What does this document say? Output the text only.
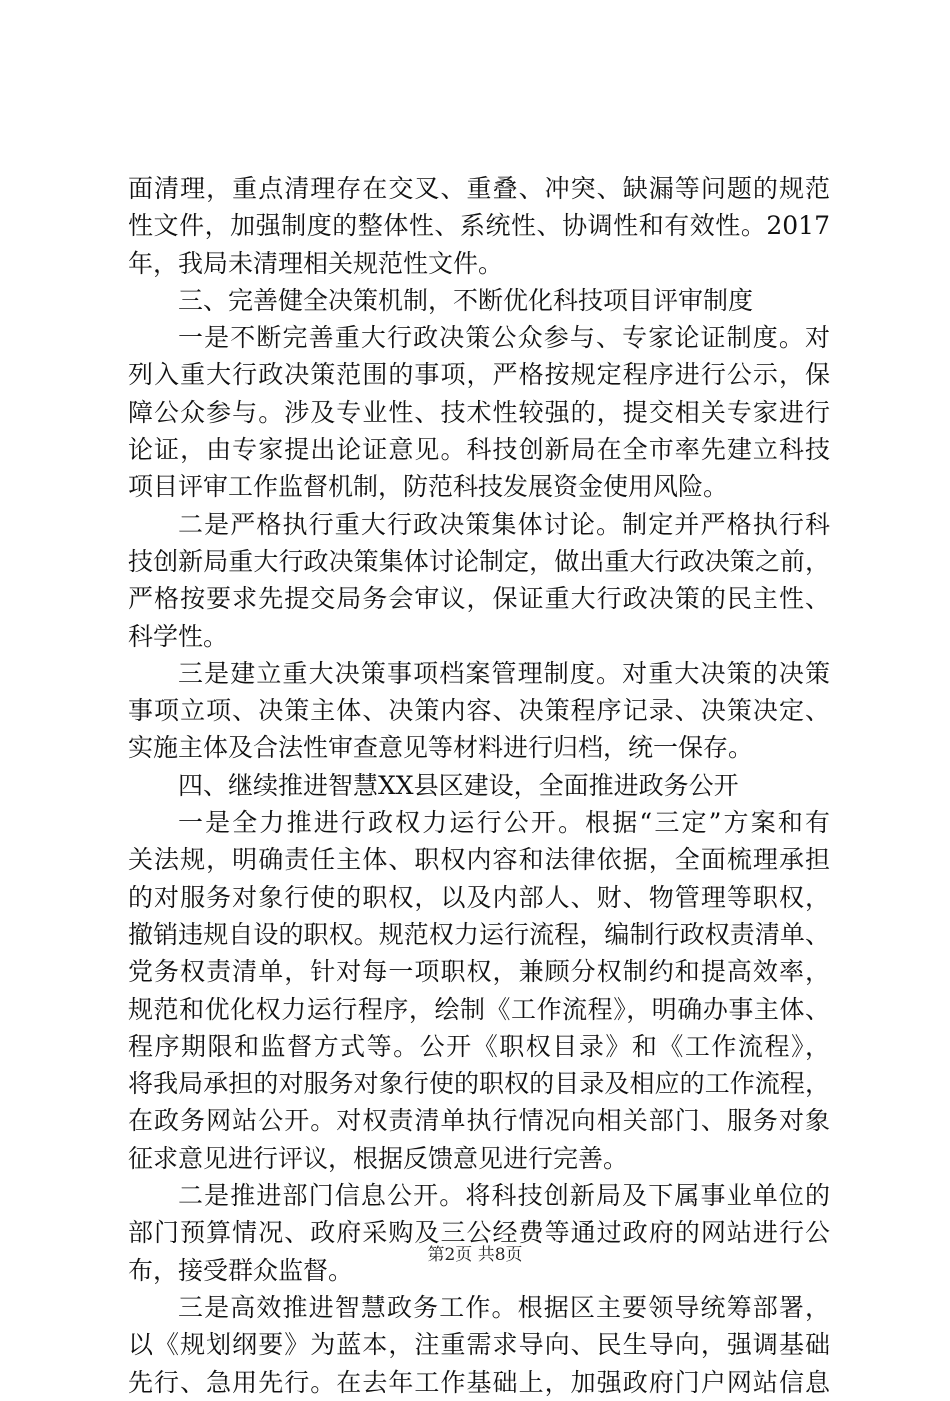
面清理，重点清理存在交叉、重叠、冲突、缺漏等问题的规范
性文件，加强制度的整体性、系统性、协调性和有效性。2017
年，我局未清理相关规范性文件。
三、完善健全决策机制，不断优化科技项目评审制度
一是不断完善重大行政决策公众参与、专家论证制度。对
列入重大行政决策范围的事项，严格按规定程序进行公示，保
障公众参与。涉及专业性、技术性较强的，提交相关专家进行
论证，由专家提出论证意见。科技创新局在全市率先建立科技
项目评审工作监督机制，防范科技发展资金使用风险。
二是严格执行重大行政决策集体讨论。制定并严格执行科
技创新局重大行政决策集体讨论制定，做出重大行政决策之前，
严格按要求先提交局务会审议，保证重大行政决策的民主性、
科学性。
三是建立重大决策事项档案管理制度。对重大决策的决策
事项立项、决策主体、决策内容、决策程序记录、决策决定、
实施主体及合法性审查意见等材料进行归档，统一保存。
四、继续推进智慧XX县区建设，全面推进政务公开
一是全力推进行政权力运行公开。根据“三定”方案和有
关法规，明确责任主体、职权内容和法律依据，全面梳理承担
的对服务对象行使的职权，以及内部人、财、物管理等职权，
撤销违规自设的职权。规范权力运行流程，编制行政权责清单、
党务权责清单，针对每一项职权，兼顾分权制约和提高效率，
规范和优化权力运行程序，绘制《工作流程》，明确办事主体、
程序期限和监督方式等。公开《职权目录》和《工作流程》，
将我局承担的对服务对象行使的职权的目录及相应的工作流程，
在政务网站公开。对权责清单执行情况向相关部门、服务对象
征求意见进行评议，根据反馈意见进行完善。
二是推进部门信息公开。将科技创新局及下属事业单位的
部门预算情况、政府采购及三公经费等通过政府的网站进行公
布，接受群众监督。
三是高效推进智慧政务工作。根据区主要领导统筹部署，
以《规划纲要》为蓝本，注重需求导向、民生导向，强调基础
先行、急用先行。在去年工作基础上，加强政府门户网站信息
第2页 共8页
